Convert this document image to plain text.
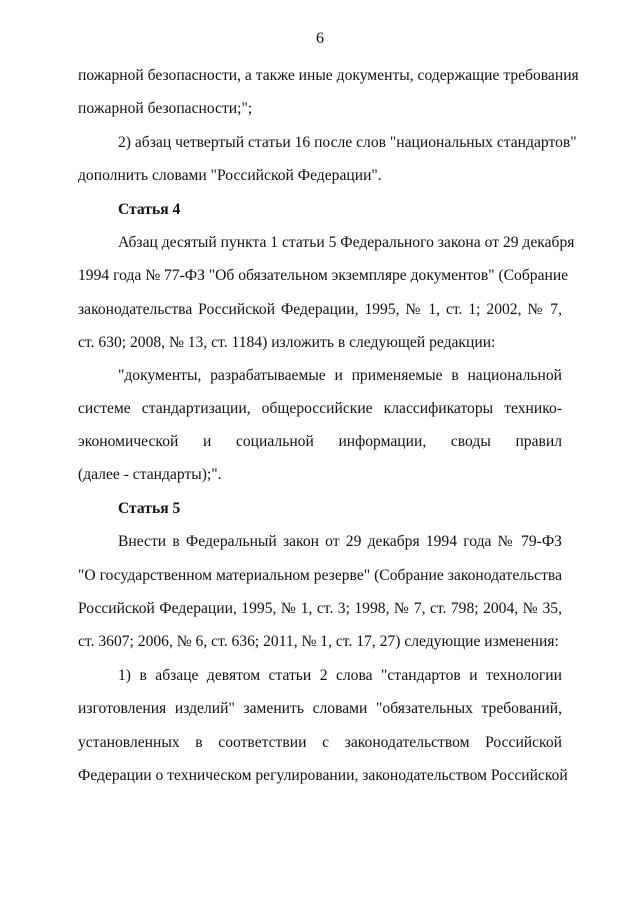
6
пожарной безопасности, а также иные документы, содержащие требования
пожарной безопасности;";
2) абзац четвертый статьи 16 после слов "национальных стандартов"
дополнить словами "Российской Федерации".
Статья 4
Абзац десятый пункта 1 статьи 5 Федерального закона от 29 декабря
1994 года № 77-ФЗ "Об обязательном экземпляре документов" (Собрание
законодательства Российской Федерации, 1995, № 1, ст. 1; 2002, № 7,
ст. 630; 2008, № 13, ст. 1184) изложить в следующей редакции:
"документы, разрабатываемые и применяемые в национальной
системе стандартизации, общероссийские классификаторы технико-
экономической и социальной информации, своды правил
(далее - стандарты);".
Статья 5
Внести в Федеральный закон от 29 декабря 1994 года № 79-ФЗ
"О государственном материальном резерве" (Собрание законодательства
Российской Федерации, 1995, № 1, ст. 3; 1998, № 7, ст. 798; 2004, № 35,
ст. 3607; 2006, № 6, ст. 636; 2011, № 1, ст. 17, 27) следующие изменения:
1) в абзаце девятом статьи 2 слова "стандартов и технологии
изготовления изделий" заменить словами "обязательных требований,
установленных в соответствии с законодательством Российской
Федерации о техническом регулировании, законодательством Российской
